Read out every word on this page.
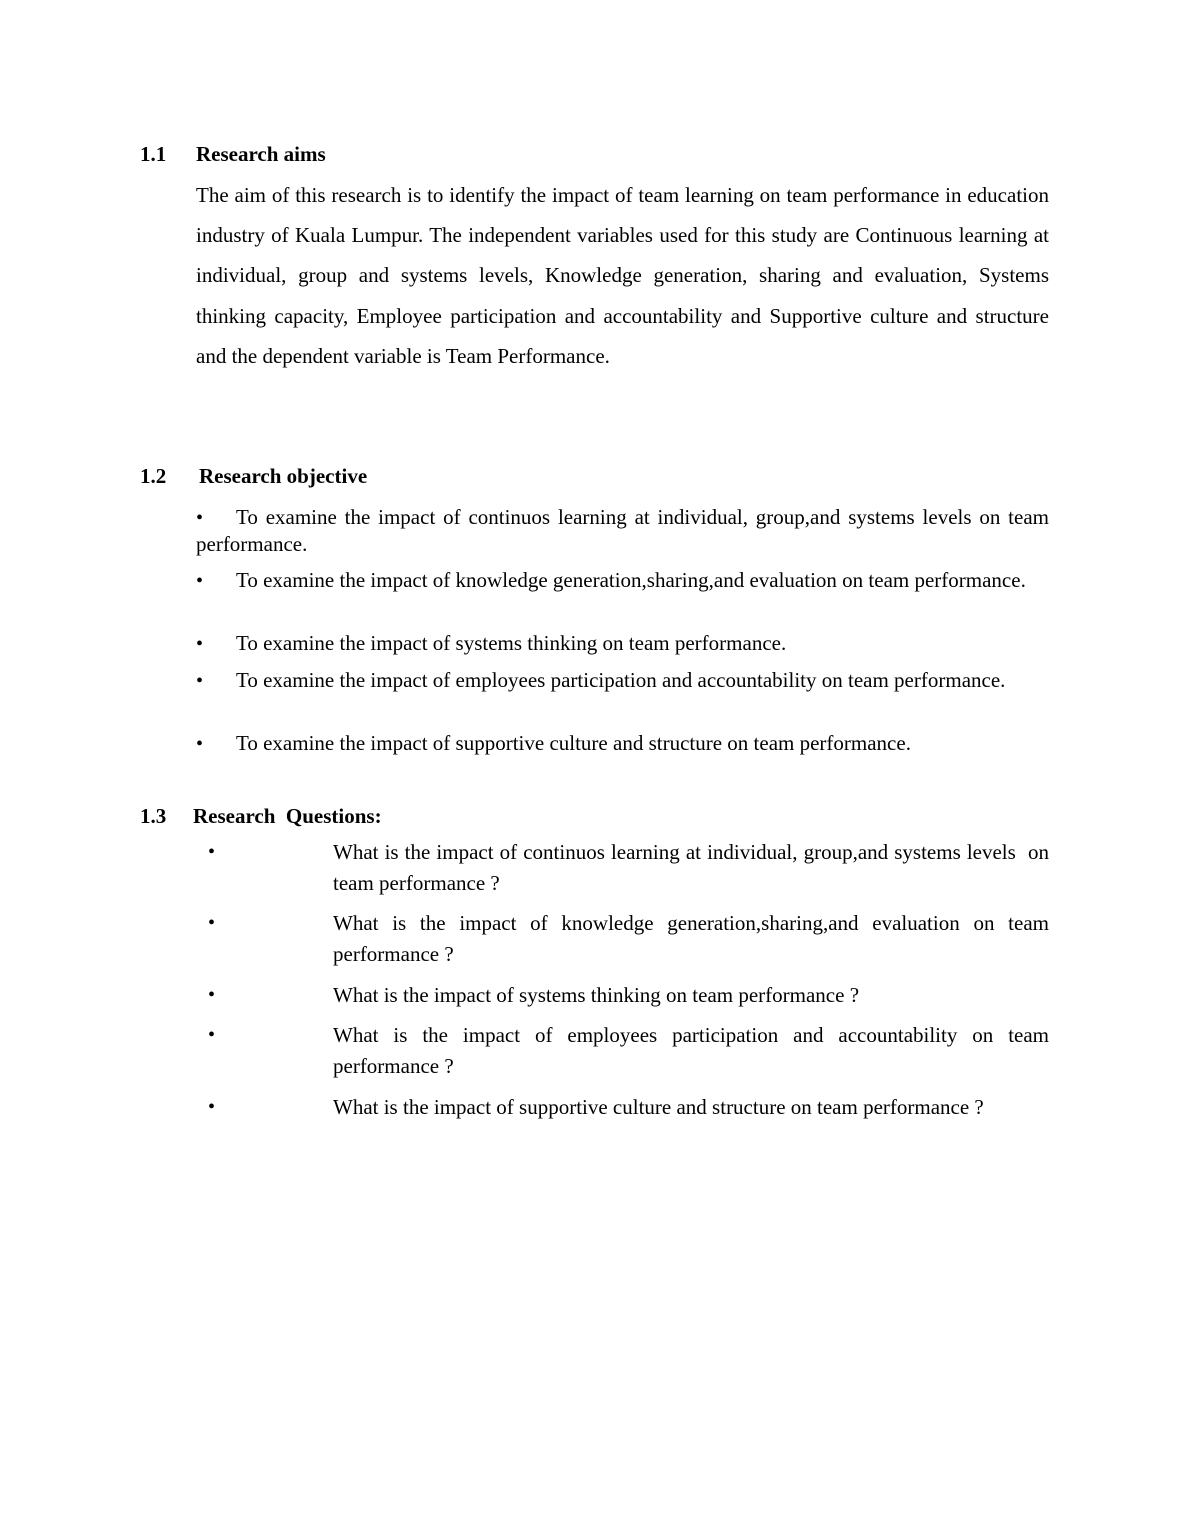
1.1 Research aims

The aim of this research is to identify the impact of team learning on team performance in education industry of Kuala Lumpur. The independent variables used for this study are Continuous learning at individual, group and systems levels, Knowledge generation, sharing and evaluation, Systems thinking capacity, Employee participation and accountability and Supportive culture and structure and the dependent variable is Team Performance.

1.2 Research objective
• To examine the impact of continuos learning at individual, group,and systems levels on team performance.
• To examine the impact of knowledge generation,sharing,and evaluation on team performance.
• To examine the impact of systems thinking on team performance.
• To examine the impact of employees participation and accountability on team performance.
• To examine the impact of supportive culture and structure on team performance.
1.3 Research  Questions:
•	What is the impact of continuos learning at individual, group,and systems levels  on team performance ?
•	What is the impact of knowledge generation,sharing,and evaluation on team performance ?
•	What is the impact of systems thinking on team performance ?
•	What is the impact of employees participation and accountability on team performance ?
•	What is the impact of supportive culture and structure on team performance ?
